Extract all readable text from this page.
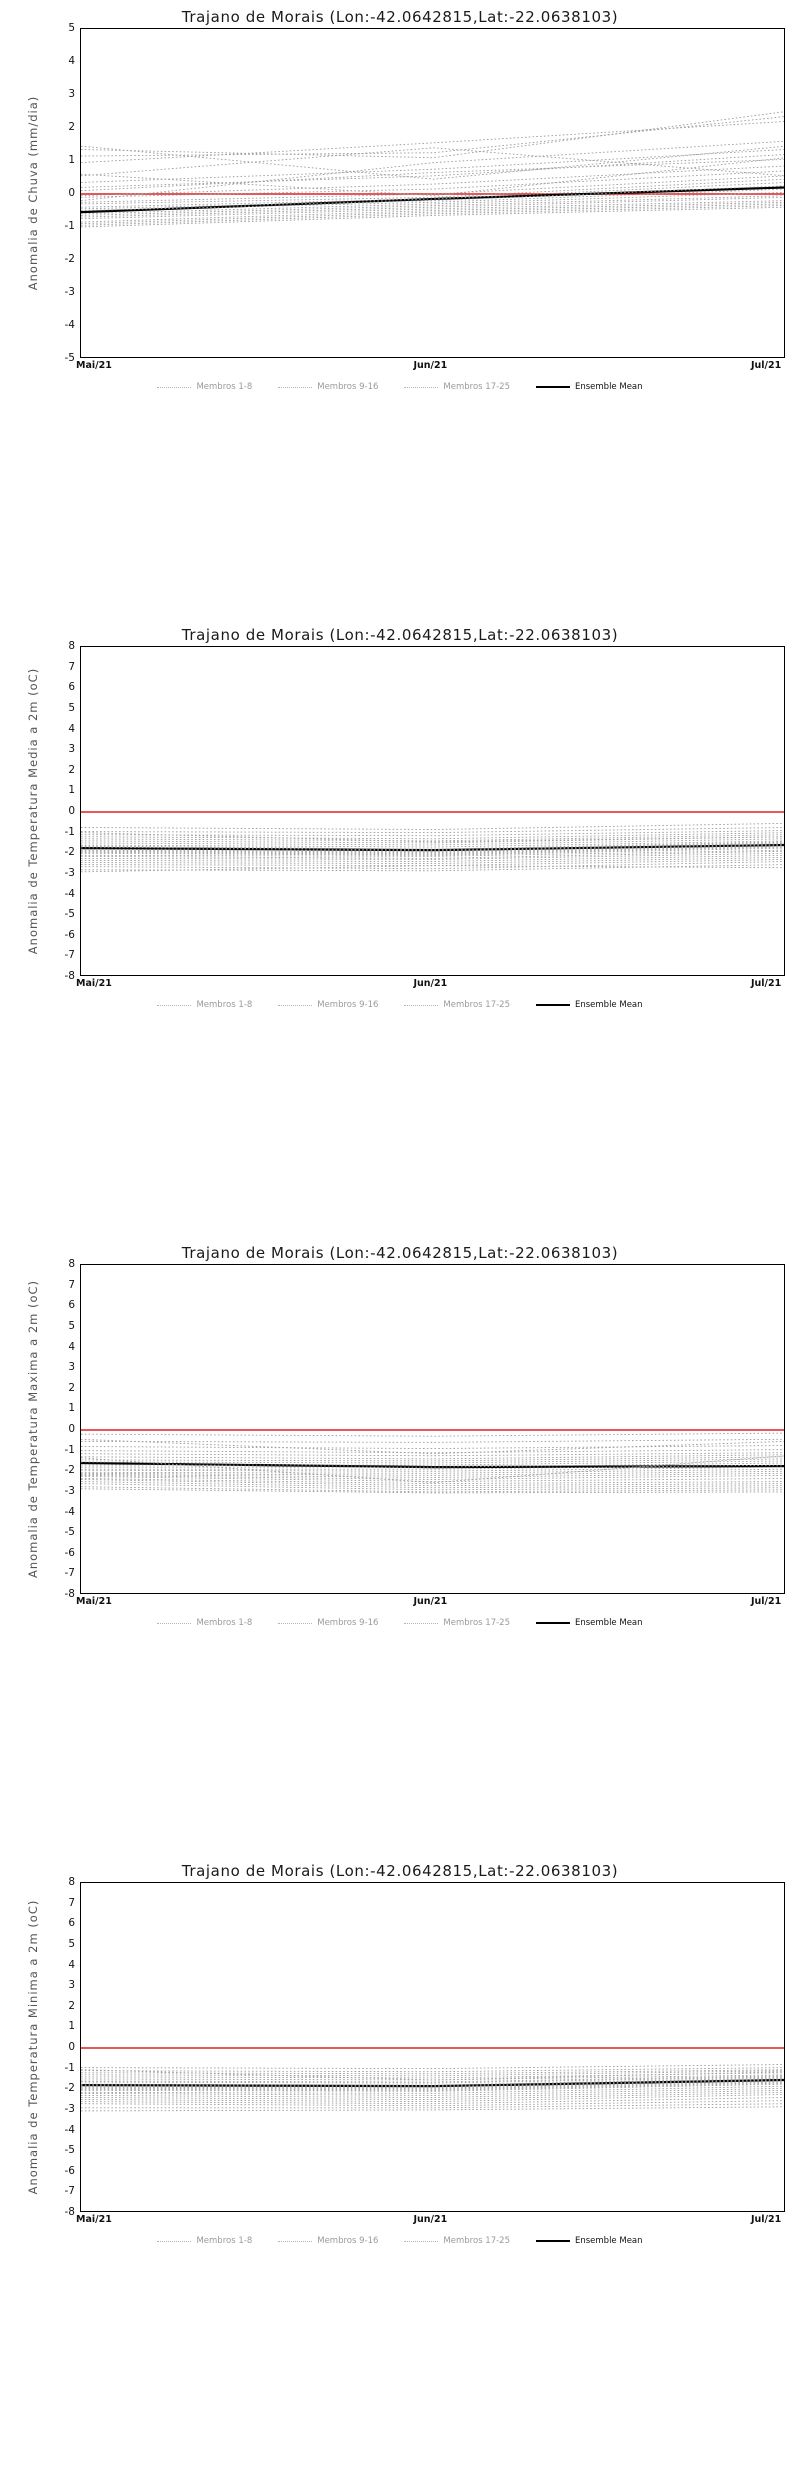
Trajano de Morais (Lon:-42.0642815,Lat:-22.0638103)
Anomalia de Chuva (mm/dia)
-5
-4
-3
-2
-1
0
1
2
3
4
5
Mai/21	Jun/21	Jul/21
Membros 1-8	Membros 9-16	Membros 17-25	Ensemble Mean
Trajano de Morais (Lon:-42.0642815,Lat:-22.0638103)
Anomalia de Temperatura Media a 2m (oC)
-8
-7
-6
-5
-4
-3
-2
-1
0
1
2
3
4
5
6
7
8
Mai/21	Jun/21	Jul/21
Membros 1-8	Membros 9-16	Membros 17-25	Ensemble Mean
Trajano de Morais (Lon:-42.0642815,Lat:-22.0638103)
Anomalia de Temperatura Maxima a 2m (oC)
-8
-7
-6
-5
-4
-3
-2
-1
0
1
2
3
4
5
6
7
8
Mai/21	Jun/21	Jul/21
Membros 1-8	Membros 9-16	Membros 17-25	Ensemble Mean
Trajano de Morais (Lon:-42.0642815,Lat:-22.0638103)
Anomalia de Temperatura Minima a 2m (oC)
-8
-7
-6
-5
-4
-3
-2
-1
0
1
2
3
4
5
6
7
8
Mai/21	Jun/21	Jul/21
Membros 1-8	Membros 9-16	Membros 17-25	Ensemble Mean
